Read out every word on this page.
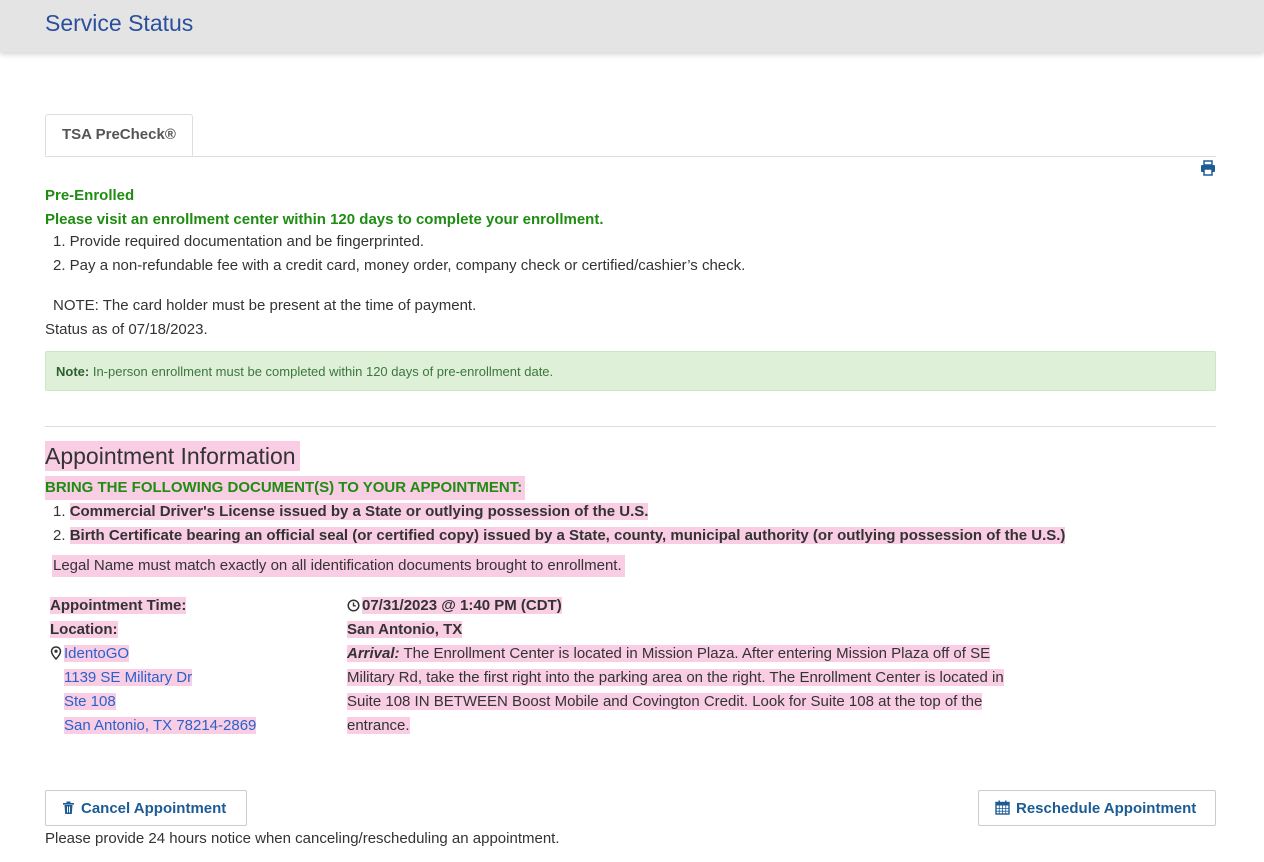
Service Status
TSA PreCheck®
Pre-Enrolled
Please visit an enrollment center within 120 days to complete your enrollment.
1. Provide required documentation and be fingerprinted.
2. Pay a non-refundable fee with a credit card, money order, company check or certified/cashier’s check.
NOTE: The card holder must be present at the time of payment.
Status as of 07/18/2023.
Note: In-person enrollment must be completed within 120 days of pre-enrollment date.
Appointment Information
BRING THE FOLLOWING DOCUMENT(S) TO YOUR APPOINTMENT:
1. Commercial Driver's License issued by a State or outlying possession of the U.S.
2. Birth Certificate bearing an official seal (or certified copy) issued by a State, county, municipal authority (or outlying possession of the U.S.)
Legal Name must match exactly on all identification documents brought to enrollment.
Appointment Time:
Location:
IdentoGO
1139 SE Military Dr
Ste 108
San Antonio, TX 78214-2869
07/31/2023 @ 1:40 PM (CDT)
San Antonio, TX
Arrival: The Enrollment Center is located in Mission Plaza. After entering Mission Plaza off of SE Military Rd, take the first right into the parking area on the right. The Enrollment Center is located in Suite 108 IN BETWEEN Boost Mobile and Covington Credit. Look for Suite 108 at the top of the entrance.
Cancel Appointment	Reschedule Appointment
Please provide 24 hours notice when canceling/rescheduling an appointment.
